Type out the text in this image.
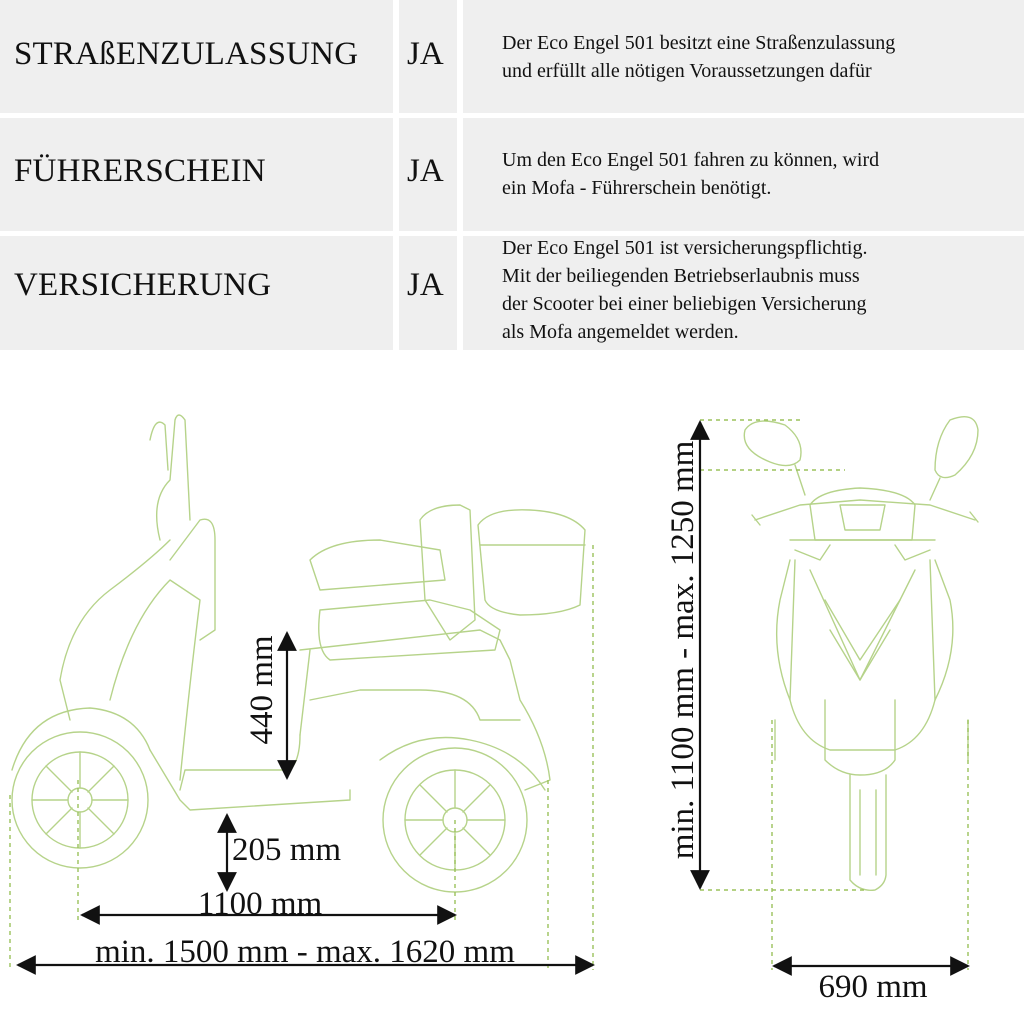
STRAßENZULASSUNG JA	Der Eco Engel 501 besitzt eine Straßenzulassung
und erfüllt alle nötigen Voraussetzungen dafür
FÜHRERSCHEIN	JA	Um den Eco Engel 501 fahren zu können, wird
ein Mofa - Führerschein benötigt.
VERSICHERUNG	JA
Der Eco Engel 501 ist versicherungspflichtig.
Mit der beiliegenden Betriebserlaubnis muss
der Scooter bei einer beliebigen Versicherung
als Mofa angemeldet werden.
440 mm
205 mm
1100 mm
min. 1500 mm - max. 1620 mm
min. 1100 mm - max. 1250 mm
690 mm
